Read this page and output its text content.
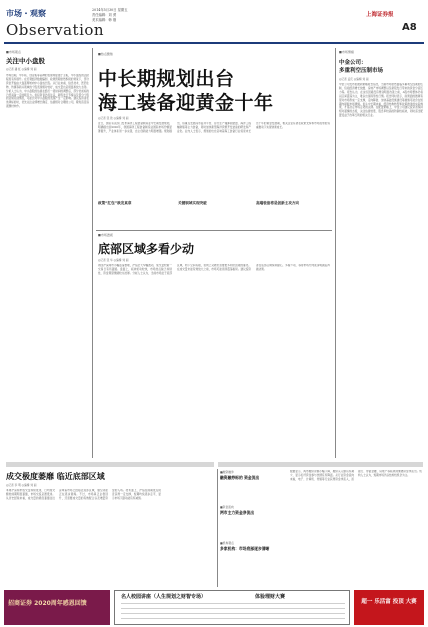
市场・观察
Observation
2014年5月30日 星期五
责任编辑：刘 勇
美术编辑：韩 刚
上海证券报
A8
■市场观点
关注中小盘股
◎记者 潘 虹 ◎编辑 刘 丽
市场近期，中小板、创业板等品种的表现明显强于主板，中小盘股的活跃程度有所提升。在宏观经济数据偏弱、政策预期依然积极的背景下，部分资金开始由大盘蓝筹转向中小盘成长股。从行业来看，信息技术、医药生物、传媒等新兴领域的个股表现相对较好，成交量也呈现温和放大态势。分析人士认为，中小盘股的估值在经历一段时间的调整后，部分优质标的已经具备一定的吸引力。但投资者仍需注意，新股发行节奏以及部分个股的业绩兑现情况，可能会对中小盘股的表现产生一定影响。建议投资者在选择标的时，优先关注业绩增长确定、估值相对合理的公司，避免盲目追逐题材炒作。
■热点聚焦
中长期规划出台
海工装备迎黄金十年
◎记者 张 欣 ◎编辑 刘 丽
近日，国家有关部门发布海洋工程装备制造业中长期发展规划，明确提出到2020年，我国海洋工程装备制造业国际市场份额显著提升，产业体系进一步完善，自主创新能力明显增强。规划提出，将重点发展深水钻井平台、浮式生产储卸油装置、海洋工程辅助船等主力装备，同时加快新型海洋资源开发装备的研发和产业化。业内人士表示，规划的出台意味着海工装备行业将迎来长达十年的黄金发展期，相关企业有望在政策支持和市场需求的双重推动下实现快速成长。
政策“红包”欲发真章	关键领域实现突破	高端装备将是创新主攻方向
■市场透视
底部区域多看少动
◎记者 张 华 ◎编辑 刘 丽
周四沪深两市小幅震荡整理，沪指全天窄幅波动，成交量较前一交易日有所萎缩。盘面上，板块轮动较快，市场热点缺乏持续性，资金观望情绪较为浓厚。分析人士认为，当前市场处于底部区域，向下空间有限，但向上突破仍需要更多利好因素的催化。在成交量未能有效放大之前，市场可能延续震荡格局。建议投资者在底部区域保持耐心，多看少动，等待市场方向逐步明朗后再做决策。
■市场情绪
中金公司：
多重利空压制市场
◎记者 孟庆 ◎编辑 刘 丽
中金公司发布的最新策略报告指出，当前市场依然面临多重利空因素的压制，包括经济增长放缓、房地产市场调整以及新股发行带来的资金分流压力等。报告认为，在这些因素没有得到明显改善之前，A股市场整体仍将以区间震荡为主，难以出现趋势性行情。报告同时表示，政策面的微调有望对市场形成一定支撑，定向降准、加快基础设施建设等措施可能会在短期内提振市场情绪。但从中长期来看，经济结构转型和改革推进的实际效果，才是决定市场走势的关键。在配置策略上，中金公司建议投资者保持相对谨慎的态度，关注估值较低、股息率较高的防御性板块，同时适当配置受益于改革红利的相关行业。
成交极度萎靡 临近底部区域
◎记者 李 明 ◎编辑 刘 丽
本周沪深两市成交量持续低迷，日均成交额较前期明显萎缩，市场交投意愿低迷。从历史经验来看，成交量的极度萎缩往往意味着市场已经接近底部区域，做空动能正在逐步衰竭。不过，市场真正企稳回升，还需要成交量的有效配合以及增量资金的入场。技术面上，沪指在前期低点附近获得一定支撑，短期均线逐步走平，显示市场下跌动能有所减弱。
■融资融券
融资融券标的 资金流出
■资金流向
两市主力资金净流出
■机构观点
多家机构：市场底部逐步清晰
数据显示，两市融资余额小幅下降，融资买入额有所减少，显示杠杆资金参与热情有所降温。从行业资金流向来看，电子、计算机、传媒等行业获得资金净流入，而银行、非银金融、房地产等板块则遭遇资金净流出。机构人士认为，短期市场仍以结构性机会为主。
招商证券 2020周年感恩回馈
名人校园讲座（人生规划之财智专场）	体验理财大赛
超一 乐活富 投顶 大赛
